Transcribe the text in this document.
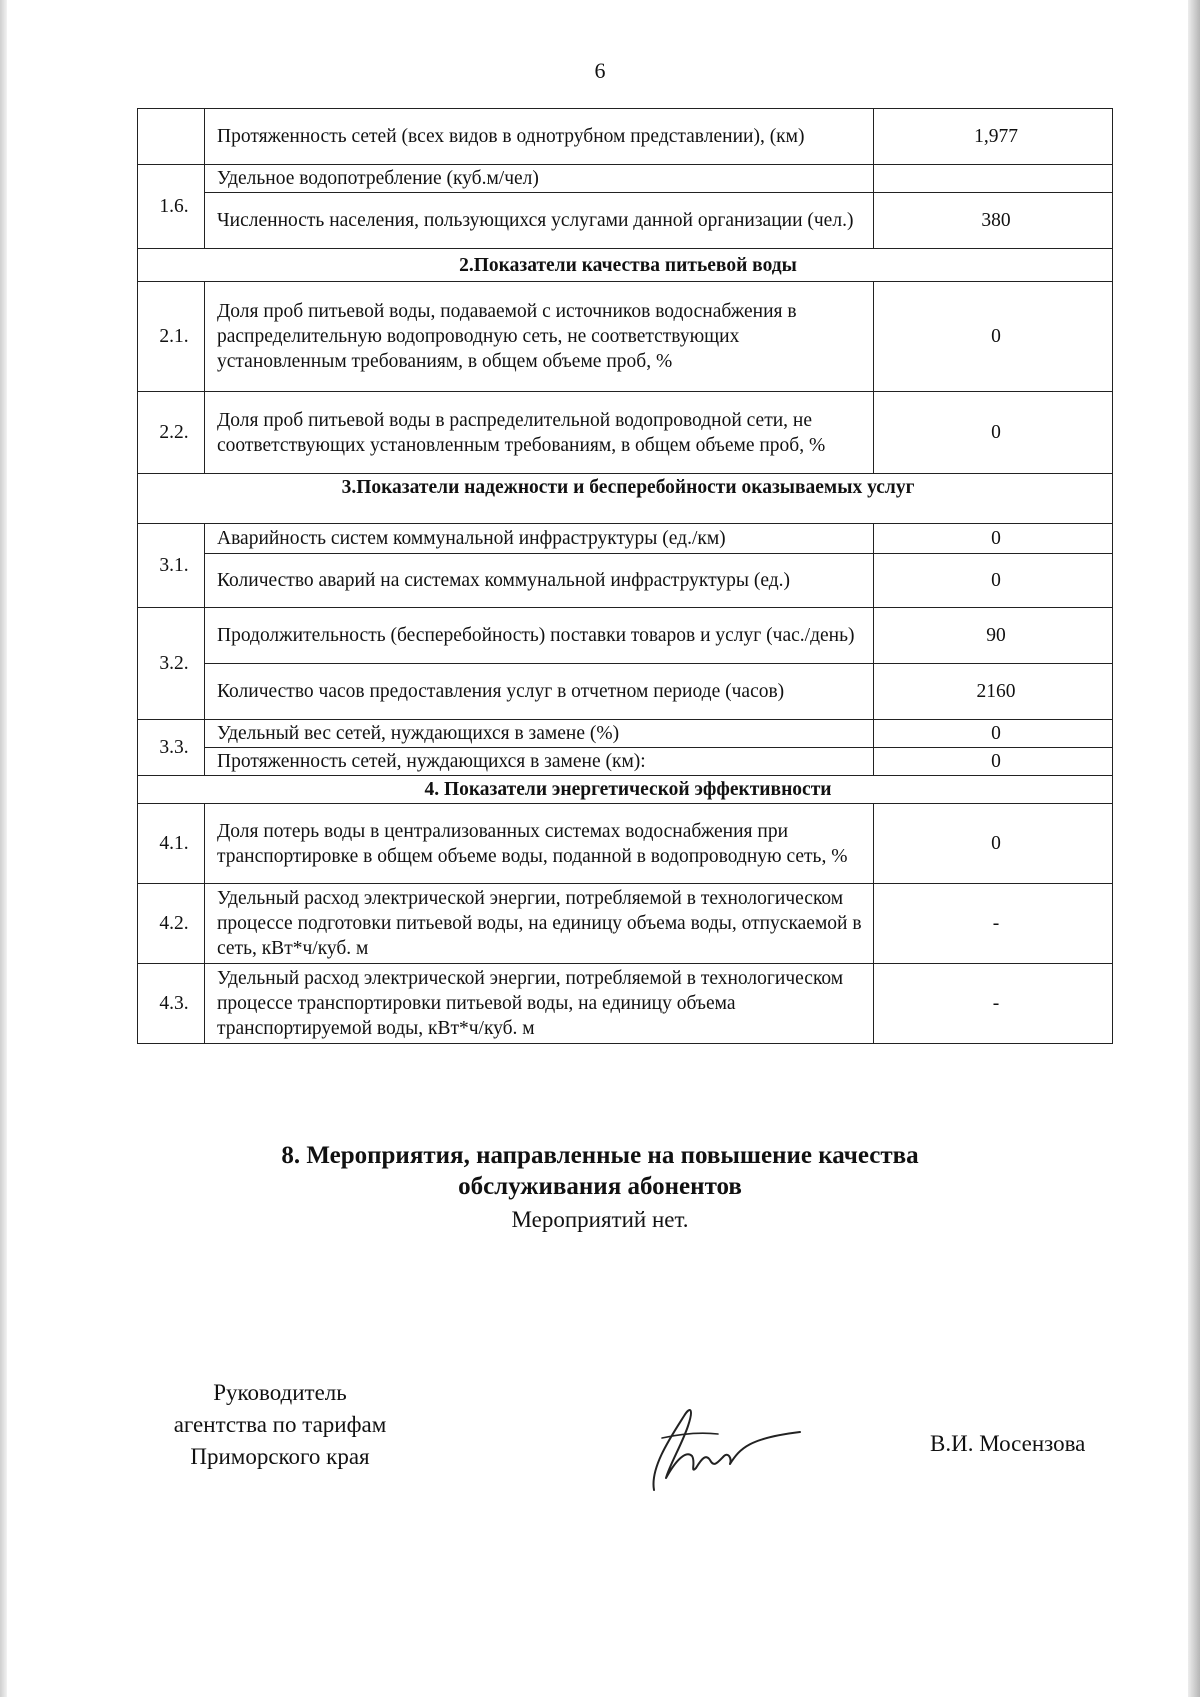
6
	Протяженность сетей (всех видов в однотрубном представлении), (км)	1,977
1.6.	Удельное водопотребление (куб.м/чел)	
	Численность населения, пользующихся услугами данной организации (чел.)	380
2.Показатели качества питьевой воды		
2.1.	Доля проб питьевой воды, подаваемой с источников водоснабжения в распределительную водопроводную сеть, не соответствующих установленным требованиям, в общем объеме проб, %	0
2.2.	Доля проб питьевой воды в распределительной водопроводной сети, не соответствующих установленным требованиям, в общем объеме проб, %	0
3.Показатели надежности и бесперебойности оказываемых услуг		
3.1.	Аварийность систем коммунальной инфраструктуры (ед./км)	0
	Количество аварий на системах коммунальной инфраструктуры (ед.)	0
3.2.	Продолжительность (бесперебойность) поставки товаров и услуг (час./день)	90
	Количество часов предоставления услуг в отчетном периоде (часов)	2160
3.3.	Удельный вес сетей, нуждающихся в замене (%)	0
	Протяженность сетей, нуждающихся в замене (км):	0
4. Показатели энергетической эффективности		
4.1.	Доля потерь воды в централизованных системах водоснабжения при транспортировке в общем объеме воды, поданной в водопроводную сеть, %	0
4.2.	Удельный расход электрической энергии, потребляемой в технологическом процессе подготовки питьевой воды, на единицу объема воды, отпускаемой в сеть, кВт*ч/куб. м	-
4.3.	Удельный расход электрической энергии, потребляемой в технологическом процессе транспортировки питьевой воды, на единицу объема транспортируемой воды, кВт*ч/куб. м	-
8. Мероприятия, направленные на повышение качества
обслуживания абонентов
Мероприятий нет.
Руководитель
агентства по тарифам
Приморского края
В.И. Мосензова
